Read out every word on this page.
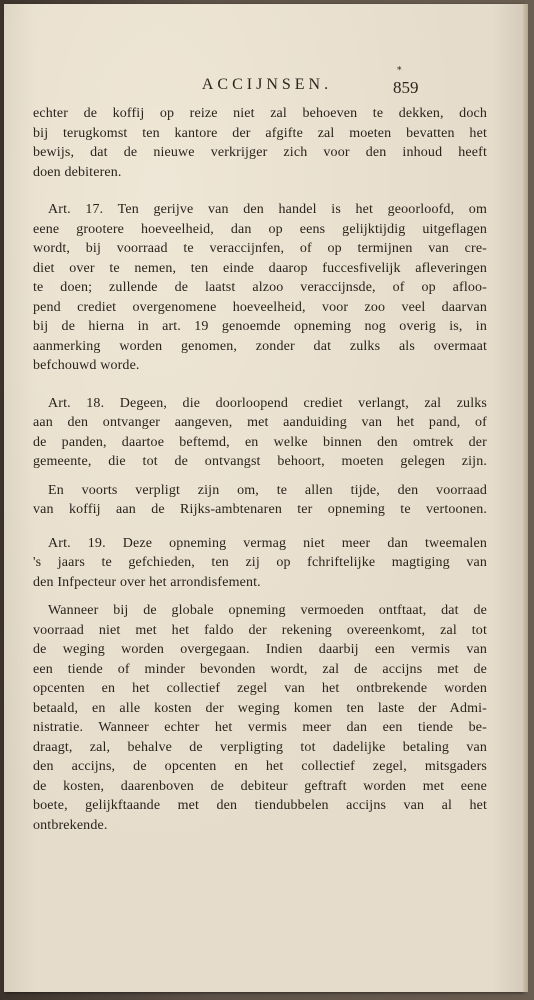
ACCIJNSEN.
*
859
echter de koffij op reize niet zal behoeven te dekken, doch
bij terugkomst ten kantore der afgifte zal moeten bevatten het
bewijs, dat de nieuwe verkrijger zich voor den inhoud heeft
doen debiteren.
Art. 17. Ten gerijve van den handel is het geoorloofd, om
eene grootere hoeveelheid, dan op eens gelijktijdig uitgeflagen
wordt, bij voorraad te veraccijnfen, of op termijnen van cre-
diet over te nemen, ten einde daarop fuccesfivelijk afleveringen
te doen; zullende de laatst alzoo veraccijnsde, of op afloo-
pend crediet overgenomene hoeveelheid, voor zoo veel daarvan
bij de hierna in art. 19 genoemde opneming nog overig is, in
aanmerking worden genomen, zonder dat zulks als overmaat
befchouwd worde.
Art. 18. Degeen, die doorloopend crediet verlangt, zal zulks
aan den ontvanger aangeven, met aanduiding van het pand, of
de panden, daartoe beftemd, en welke binnen den omtrek der
gemeente, die tot de ontvangst behoort, moeten gelegen zijn.
En voorts verpligt zijn om, te allen tijde, den voorraad
van koffij aan de Rijks-ambtenaren ter opneming te vertoonen.
Art. 19. Deze opneming vermag niet meer dan tweemalen
's jaars te gefchieden, ten zij op fchriftelijke magtiging van
den Infpecteur over het arrondisfement.
Wanneer bij de globale opneming vermoeden ontftaat, dat de
voorraad niet met het faldo der rekening overeenkomt, zal tot
de weging worden overgegaan. Indien daarbij een vermis van
een tiende of minder bevonden wordt, zal de accijns met de
opcenten en het collectief zegel van het ontbrekende worden
betaald, en alle kosten der weging komen ten laste der Admi-
nistratie. Wanneer echter het vermis meer dan een tiende be-
draagt, zal, behalve de verpligting tot dadelijke betaling van
den accijns, de opcenten en het collectief zegel, mitsgaders
de kosten, daarenboven de debiteur geftraft worden met eene
boete, gelijkftaande met den tiendubbelen accijns van al het
ontbrekende.
